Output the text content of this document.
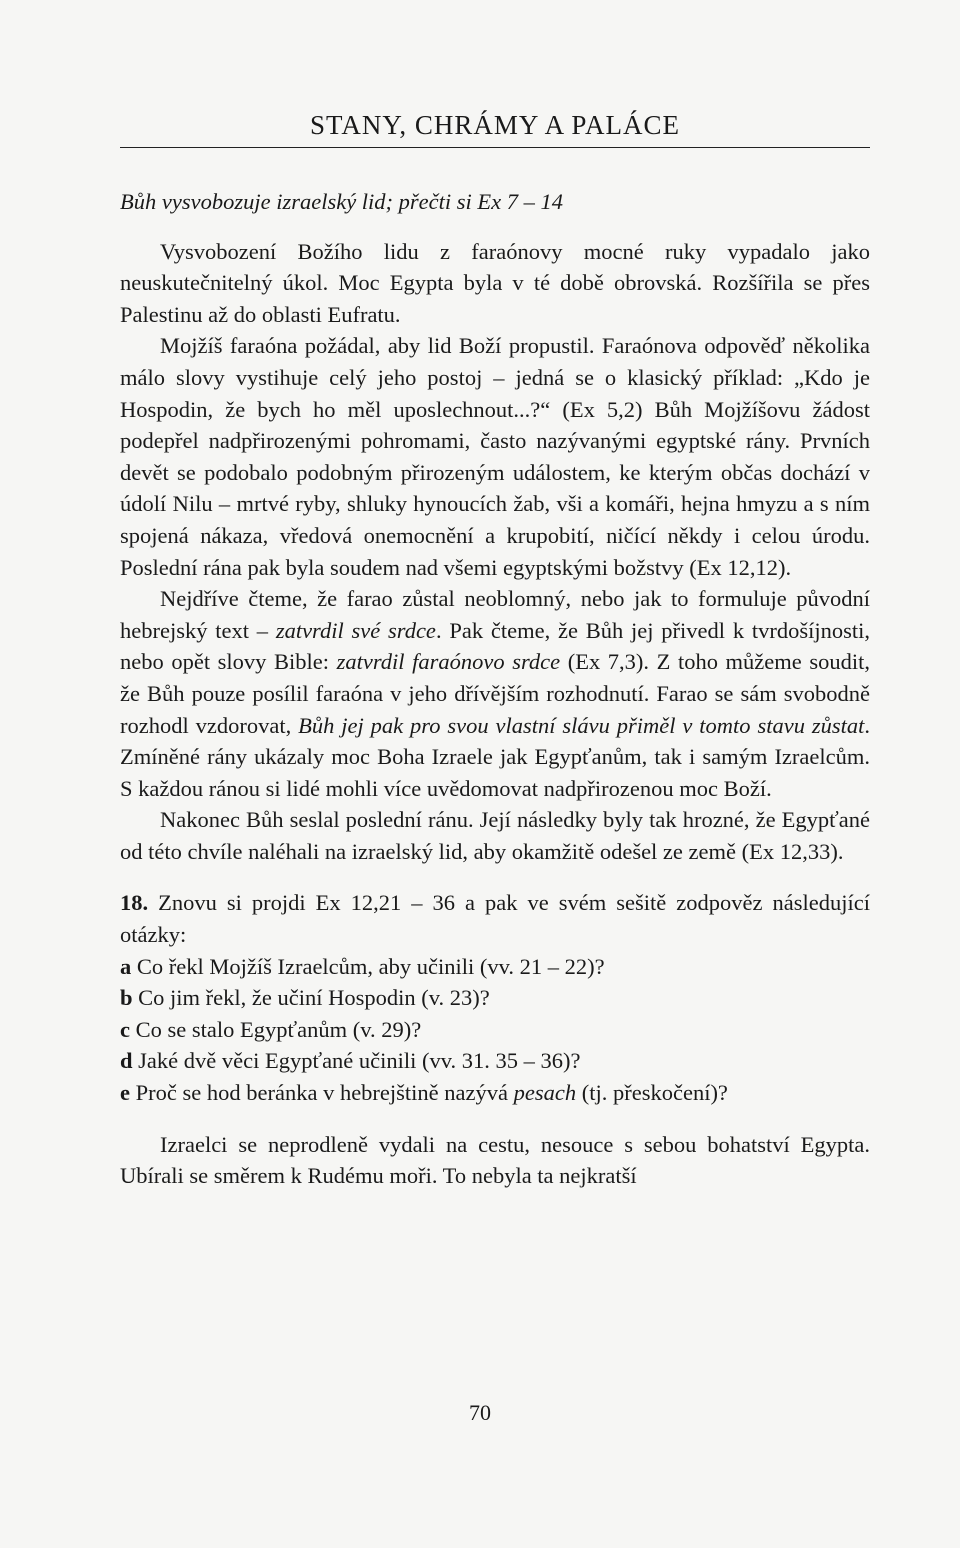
STANY, CHRÁMY A PALÁCE

Bůh vysvobozuje izraelský lid; přečti si Ex 7 – 14

Vysvobození Božího lidu z faraónovy mocné ruky vypadalo jako neuskutečnitelný úkol. Moc Egypta byla v té době obrovská. Rozšířila se přes Palestinu až do oblasti Eufratu.

Mojžíš faraóna požádal, aby lid Boží propustil. Faraónova odpověď několika málo slovy vystihuje celý jeho postoj – jedná se o klasický příklad: „Kdo je Hospodin, že bych ho měl uposlechnout...?“ (Ex 5,2) Bůh Mojžíšovu žádost podepřel nadpřirozenými pohromami, často nazývanými egyptské rány. Prvních devět se podobalo podobným přirozeným událostem, ke kterým občas dochází v údolí Nilu – mrtvé ryby, shluky hynoucích žab, vši a komáři, hejna hmyzu a s ním spojená nákaza, vředová onemocnění a krupobití, ničící někdy i celou úrodu. Poslední rána pak byla soudem nad všemi egyptskými božstvy (Ex 12,12).

Nejdříve čteme, že farao zůstal neoblomný, nebo jak to formuluje původní hebrejský text – zatvrdil své srdce. Pak čteme, že Bůh jej přivedl k tvrdošíjnosti, nebo opět slovy Bible: zatvrdil faraónovo srdce (Ex 7,3). Z toho můžeme soudit, že Bůh pouze posílil faraóna v jeho dřívějším rozhodnutí. Farao se sám svobodně rozhodl vzdorovat, Bůh jej pak pro svou vlastní slávu přiměl v tomto stavu zůstat. Zmíněné rány ukázaly moc Boha Izraele jak Egypťanům, tak i samým Izraelcům. S každou ránou si lidé mohli více uvědomovat nadpřirozenou moc Boží.

Nakonec Bůh seslal poslední ránu. Její následky byly tak hrozné, že Egypťané od této chvíle naléhali na izraelský lid, aby okamžitě odešel ze země (Ex 12,33).

18. Znovu si projdi Ex 12,21 – 36 a pak ve svém sešitě zodpověz následující otázky:

a Co řekl Mojžíš Izraelcům, aby učinili (vv. 21 – 22)?

b Co jim řekl, že učiní Hospodin (v. 23)?

c Co se stalo Egypťanům (v. 29)?

d Jaké dvě věci Egypťané učinili (vv. 31. 35 – 36)?

e Proč se hod beránka v hebrejštině nazývá pesach (tj. přeskočení)?

Izraelci se neprodleně vydali na cestu, nesouce s sebou bohatství Egypta. Ubírali se směrem k Rudému moři. To nebyla ta nejkratší

70
